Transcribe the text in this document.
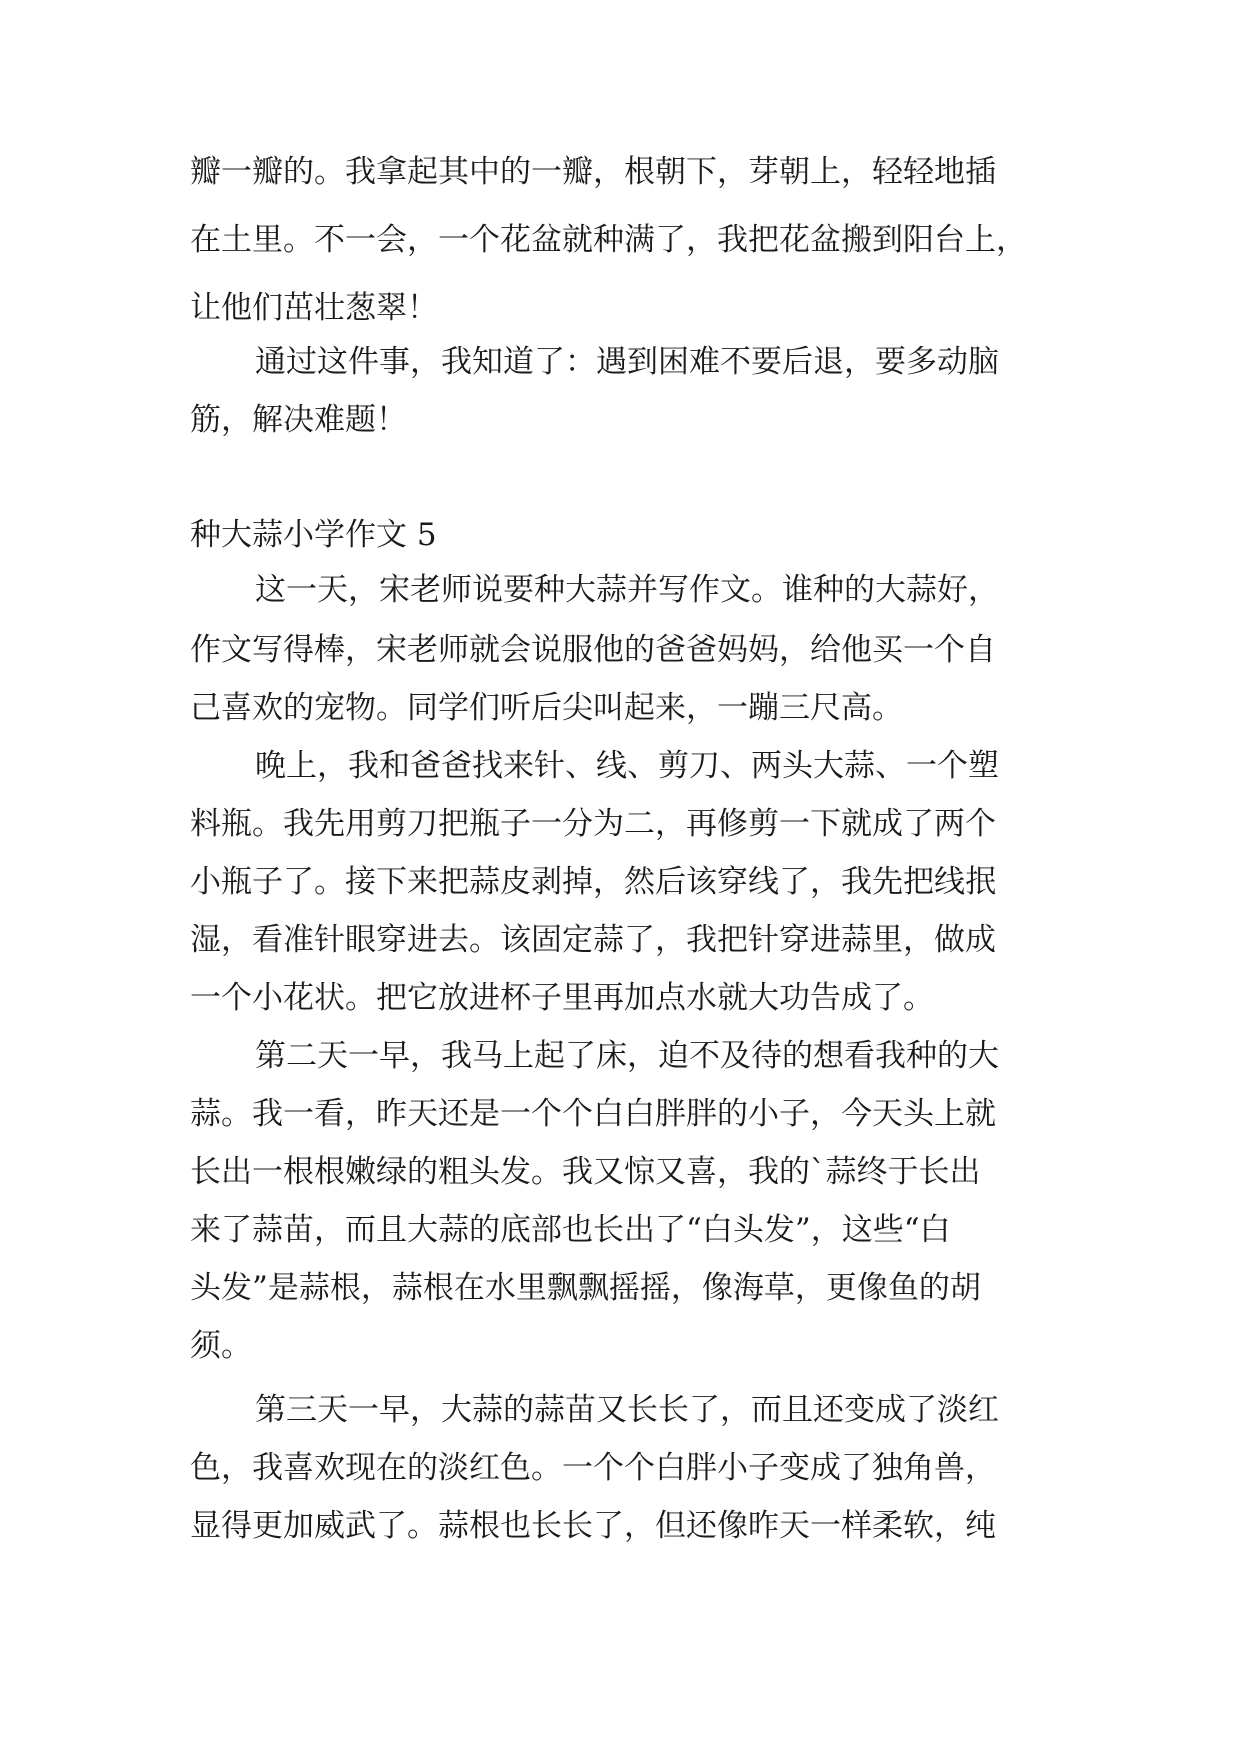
瓣一瓣的。我拿起其中的一瓣，根朝下，芽朝上，轻轻地插

在土里。不一会，一个花盆就种满了，我把花盆搬到阳台上，

让他们茁壮葱翠！

通过这件事，我知道了：遇到困难不要后退，要多动脑

筋，解决难题！

种大蒜小学作文 5

这一天，宋老师说要种大蒜并写作文。谁种的大蒜好，

作文写得棒，宋老师就会说服他的爸爸妈妈，给他买一个自

己喜欢的宠物。同学们听后尖叫起来，一蹦三尺高。

晚上，我和爸爸找来针、线、剪刀、两头大蒜、一个塑

料瓶。我先用剪刀把瓶子一分为二，再修剪一下就成了两个

小瓶子了。接下来把蒜皮剥掉，然后该穿线了，我先把线抿

湿，看准针眼穿进去。该固定蒜了，我把针穿进蒜里，做成

一个小花状。把它放进杯子里再加点水就大功告成了。

第二天一早，我马上起了床，迫不及待的想看我种的大

蒜。我一看，昨天还是一个个白白胖胖的小子，今天头上就

长出一根根嫩绿的粗头发。我又惊又喜，我的`蒜终于长出

来了蒜苗，而且大蒜的底部也长出了“白头发”，这些“白

头发”是蒜根，蒜根在水里飘飘摇摇，像海草，更像鱼的胡

须。

第三天一早，大蒜的蒜苗又长长了，而且还变成了淡红

色，我喜欢现在的淡红色。一个个白胖小子变成了独角兽，

显得更加威武了。蒜根也长长了，但还像昨天一样柔软，纯
